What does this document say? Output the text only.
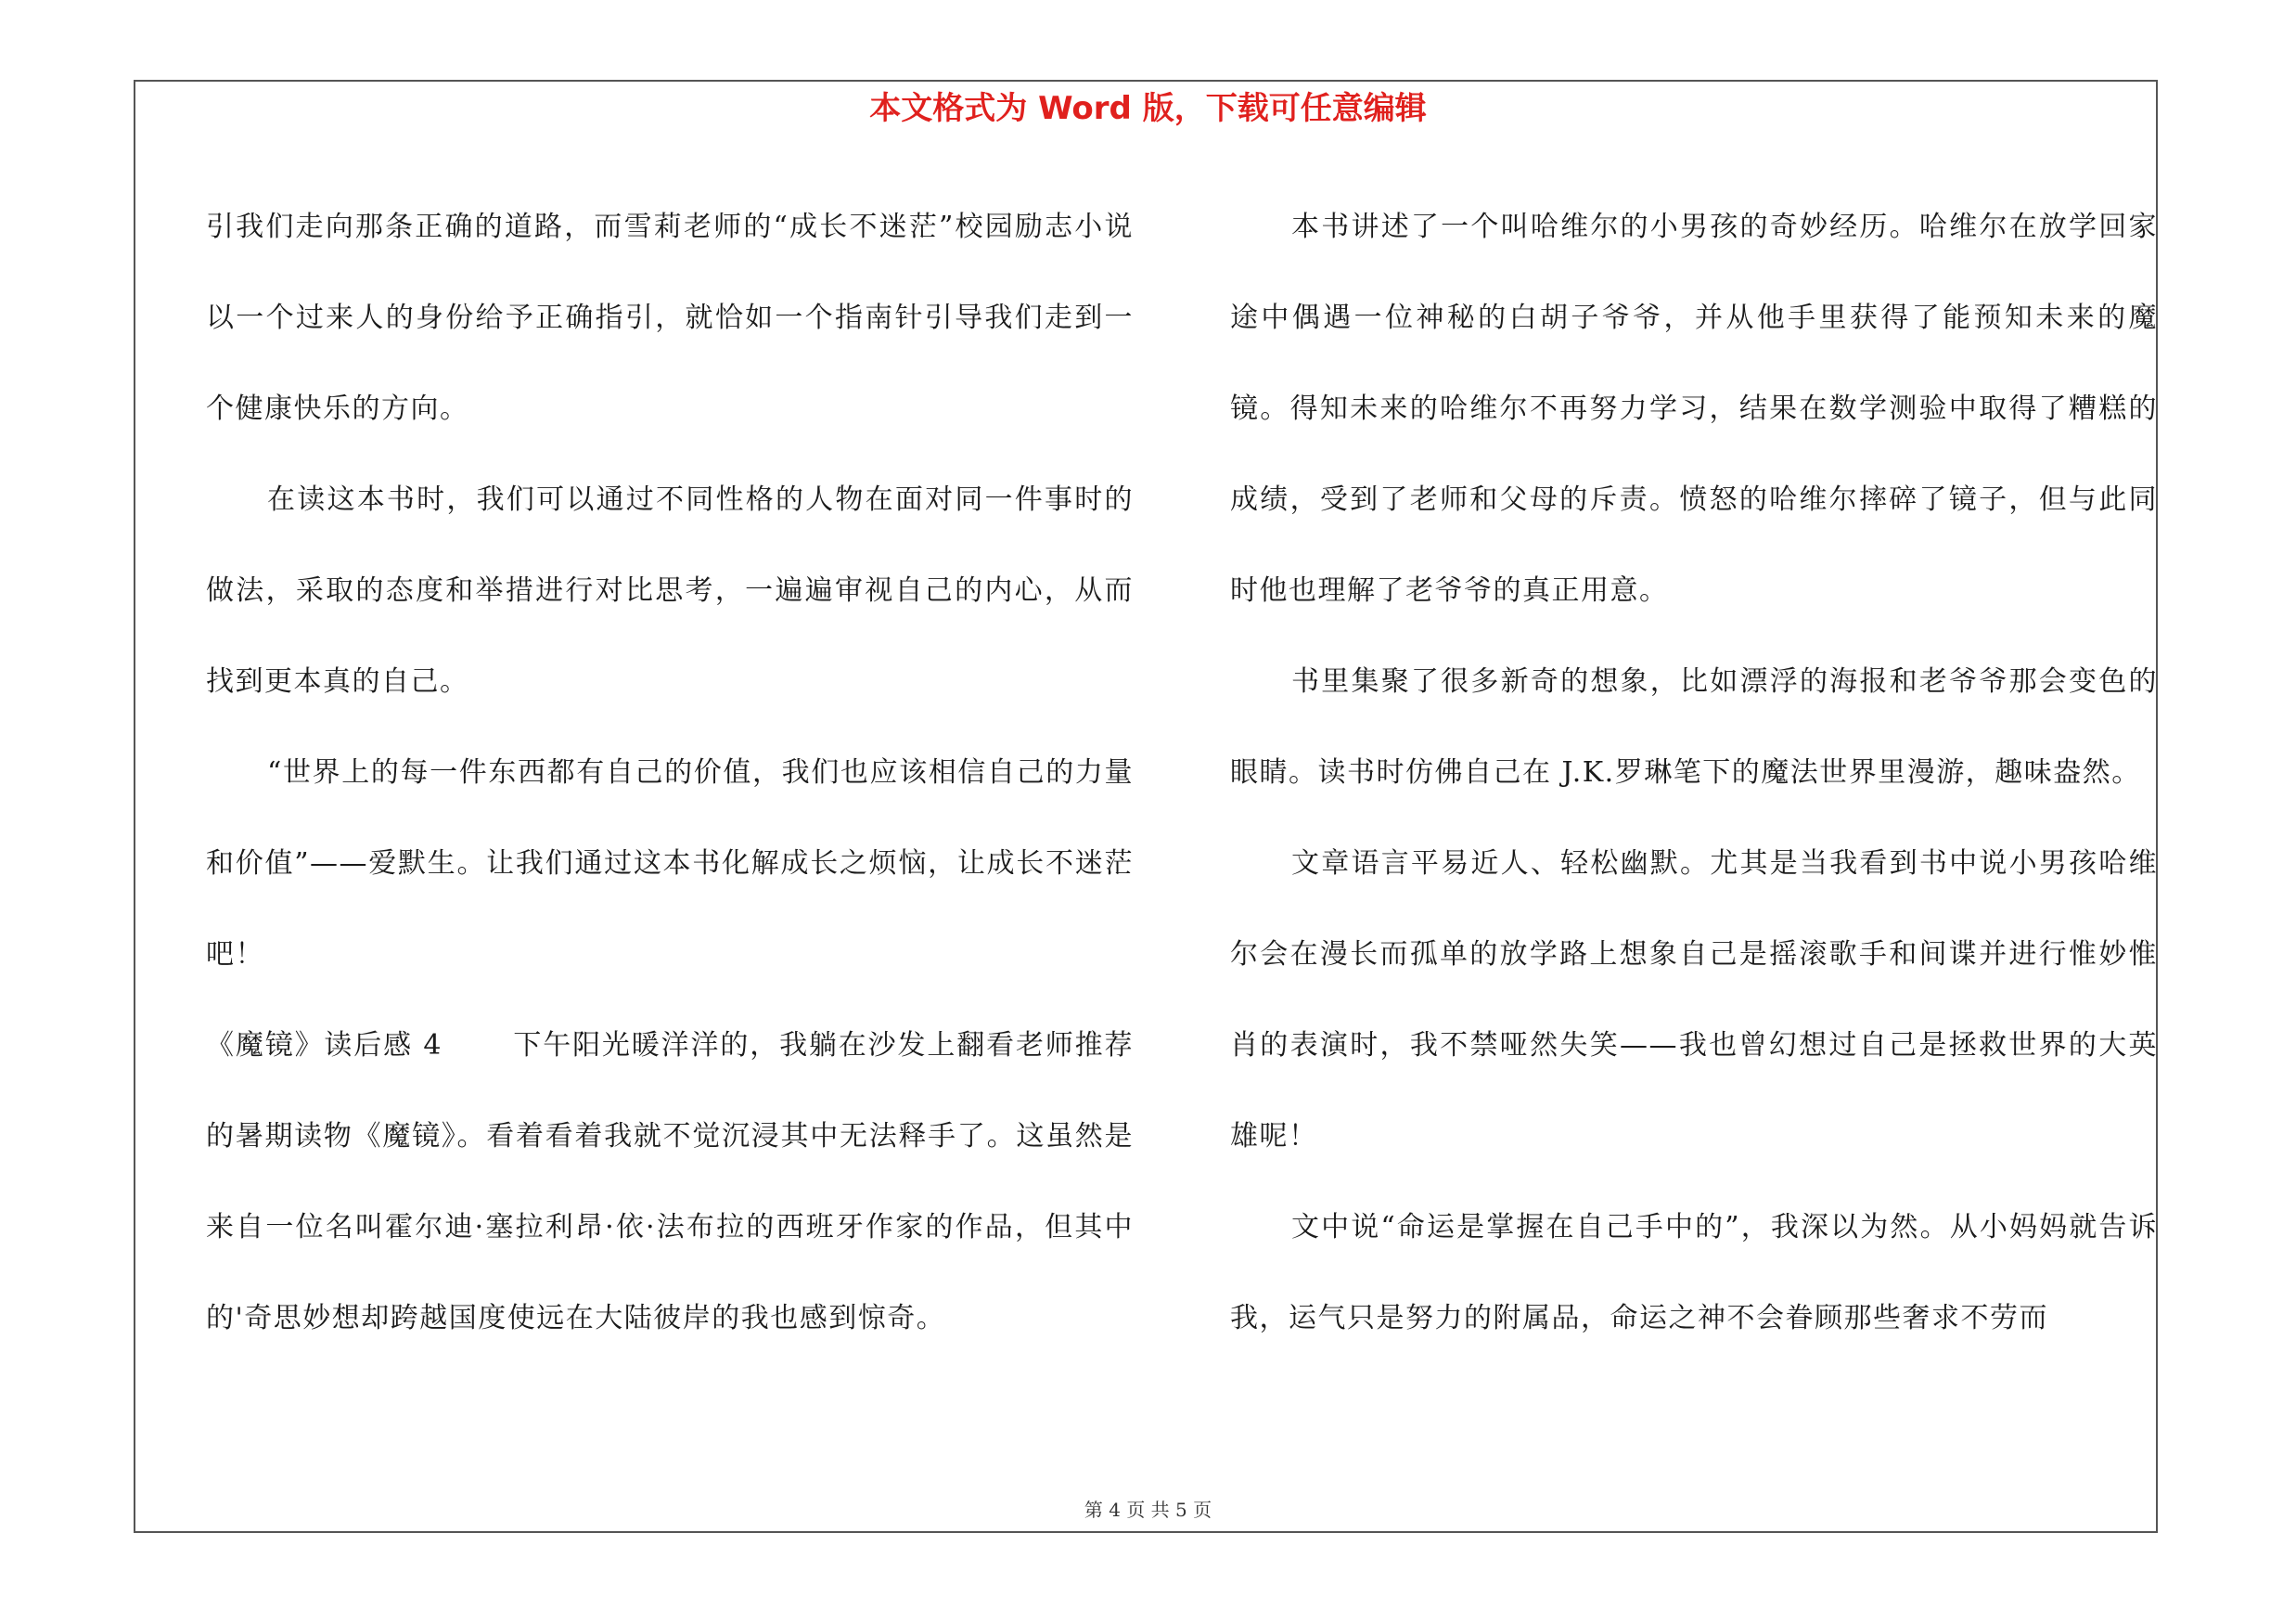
本文格式为 Word 版，下载可任意编辑

引我们走向那条正确的道路，而雪莉老师的“成长不迷茫”校园励志小说以一个过来人的身份给予正确指引，就恰如一个指南针引导我们走到一个健康快乐的方向。

在读这本书时，我们可以通过不同性格的人物在面对同一件事时的做法，采取的态度和举措进行对比思考，一遍遍审视自己的内心，从而找到更本真的自己。

“世界上的每一件东西都有自己的价值，我们也应该相信自己的力量和价值”——爱默生。让我们通过这本书化解成长之烦恼，让成长不迷茫吧！

《魔镜》读后感 4	下午阳光暖洋洋的，我躺在沙发上翻看老师推荐的暑期读物《魔镜》。看着看着我就不觉沉浸其中无法释手了。这虽然是来自一位名叫霍尔迪·塞拉利昂·依·法布拉的西班牙作家的作品，但其中的'奇思妙想却跨越国度使远在大陆彼岸的我也感到惊奇。

本书讲述了一个叫哈维尔的小男孩的奇妙经历。哈维尔在放学回家途中偶遇一位神秘的白胡子爷爷，并从他手里获得了能预知未来的魔镜。得知未来的哈维尔不再努力学习，结果在数学测验中取得了糟糕的成绩，受到了老师和父母的斥责。愤怒的哈维尔摔碎了镜子，但与此同时他也理解了老爷爷的真正用意。

书里集聚了很多新奇的想象，比如漂浮的海报和老爷爷那会变色的眼睛。读书时仿佛自己在 J.K.罗琳笔下的魔法世界里漫游，趣味盎然。

文章语言平易近人、轻松幽默。尤其是当我看到书中说小男孩哈维尔会在漫长而孤单的放学路上想象自己是摇滚歌手和间谍并进行惟妙惟肖的表演时，我不禁哑然失笑——我也曾幻想过自己是拯救世界的大英雄呢！

文中说“命运是掌握在自己手中的”，我深以为然。从小妈妈就告诉我，运气只是努力的附属品，命运之神不会眷顾那些奢求不劳而

第 4 页 共 5 页
